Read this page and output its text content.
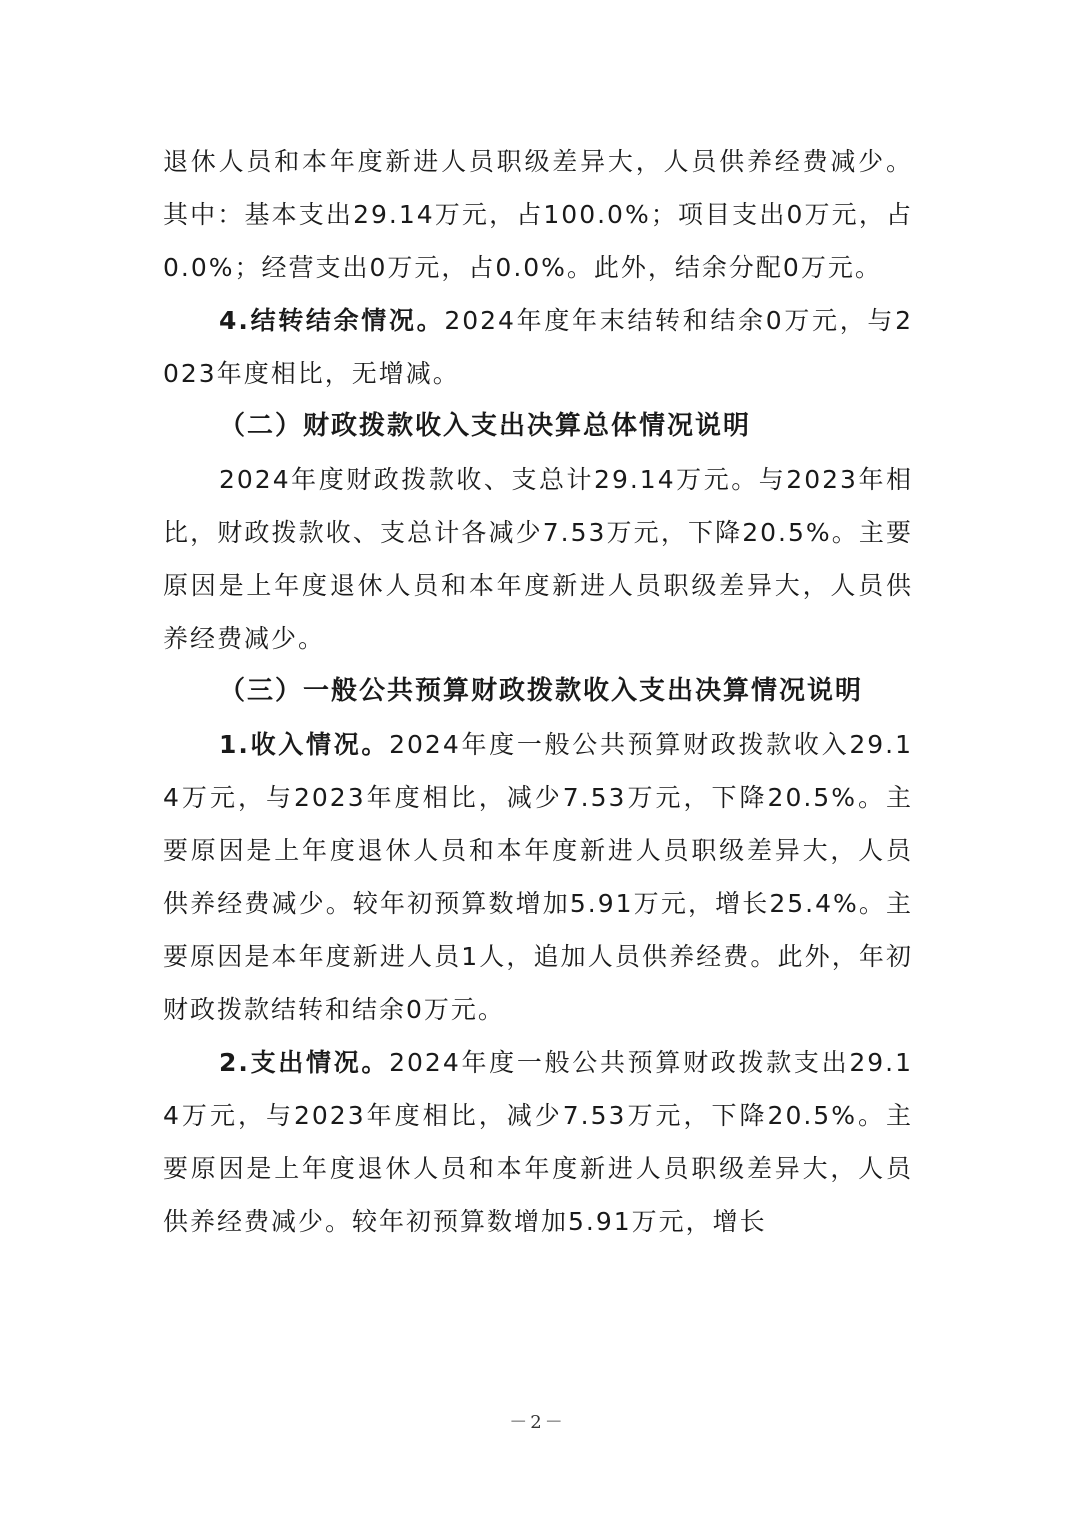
退休人员和本年度新进人员职级差异大，人员供养经费减少。其中：基本支出29.14万元，占100.0%；项目支出0万元，占0.0%；经营支出0万元，占0.0%。此外，结余分配0万元。

4.结转结余情况。2024年度年末结转和结余0万元，与2023年度相比，无增减。

（二）财政拨款收入支出决算总体情况说明

2024年度财政拨款收、支总计29.14万元。与2023年相比，财政拨款收、支总计各减少7.53万元，下降20.5%。主要原因是上年度退休人员和本年度新进人员职级差异大，人员供养经费减少。

（三）一般公共预算财政拨款收入支出决算情况说明

1.收入情况。2024年度一般公共预算财政拨款收入29.14万元，与2023年度相比，减少7.53万元，下降20.5%。主要原因是上年度退休人员和本年度新进人员职级差异大，人员供养经费减少。较年初预算数增加5.91万元，增长25.4%。主要原因是本年度新进人员1人，追加人员供养经费。此外，年初财政拨款结转和结余0万元。

2.支出情况。2024年度一般公共预算财政拨款支出29.14万元，与2023年度相比，减少7.53万元，下降20.5%。主要原因是上年度退休人员和本年度新进人员职级差异大，人员供养经费减少。较年初预算数增加5.91万元，增长

－2－
